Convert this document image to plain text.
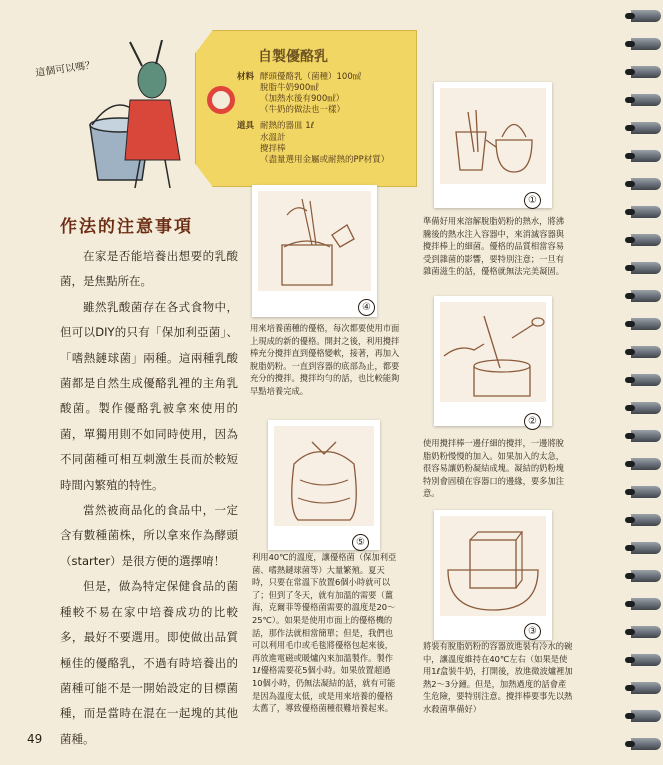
這個可以嗎？
自製優酪乳
材料 酵頭優酪乳（菌種）100㎖
脫脂牛奶900㎖
（加熱水後有900㎖）
（牛奶的做法也一樣）
道具 耐熱的器皿 1ℓ
水溫計
攪拌棒
（盡量選用金屬或耐熱的PP材質）
作法的注意事項

在家是否能培養出想要的乳酸菌，是焦點所在。

雖然乳酸菌存在各式食物中，但可以DIY的只有「保加利亞菌」、「嗜熱鏈球菌」兩種。這兩種乳酸菌都是自然生成優酪乳裡的主角乳酸菌。製作優酪乳被拿來使用的菌，單獨用則不如同時使用，因為不同菌種可相互刺激生長而於較短時間內繁殖的特性。

當然被商品化的食品中，一定含有數種菌株，所以拿來作為酵頭（starter）是很方便的選擇唷！

但是，做為特定保健食品的菌種較不易在家中培養成功的比較多，最好不要選用。即使做出品質極佳的優酪乳，不過有時培養出的菌種可能不是一開始設定的目標菌種，而是當時在混在一起塊的其他菌種。

49
①
準備好用來溶解脫脂奶粉的熱水，將沸騰後的熱水注入容器中，來消滅容器與攪拌棒上的細菌。優格的品質相當容易受到雜菌的影響，要特別注意；一旦有雜菌滋生的話，優格就無法完美凝固。
④
用來培養菌種的優格，每次都要使用市面上現成的新的優格。開封之後，利用攪拌棒充分攪拌直到優格變軟，接著，再加入脫脂奶粉。一直到容器的底部為止，都要充分的攪拌。攪拌均勻的話，也比較能夠早點培養完成。
②
使用攪拌棒一邊仔細的攪拌，一邊將脫脂奶粉慢慢的加入。如果加入的太急，很容易讓奶粉凝結成塊。凝結的奶粉塊特別會固積在容器口的邊緣，要多加注意。
⑤
利用40℃的溫度，讓優格菌（保加利亞菌、嗜熱鏈球菌等）大量繁殖。夏天時，只要在常溫下放置6個小時就可以了；但到了冬天，就有加溫的需要（薑海，克爾菲等優格菌需要的溫度是20～25℃）。如果是使用市面上的優格機的話，那作法就相當簡單；但是，我們也可以利用毛巾或毛毯將優格包起來後，再放進電磁或暖爐內來加溫製作。製作1ℓ優格需要花5個小時。如果放置超過10個小時，仍無法凝結的話，就有可能是因為溫度太低，或是用來培養的優格太舊了，導致優格菌種很難培養起來。
③
將裝有脫脂奶粉的容器放進裝有冷水的碗中，讓溫度維持在40℃左右（如果是使用1ℓ盒裝牛奶，打開後，放進微波爐裡加熱2～3分鐘。但是，加熱過度的話會產生危險，要特別注意。攪拌棒要事先以熱水殺菌準備好）
